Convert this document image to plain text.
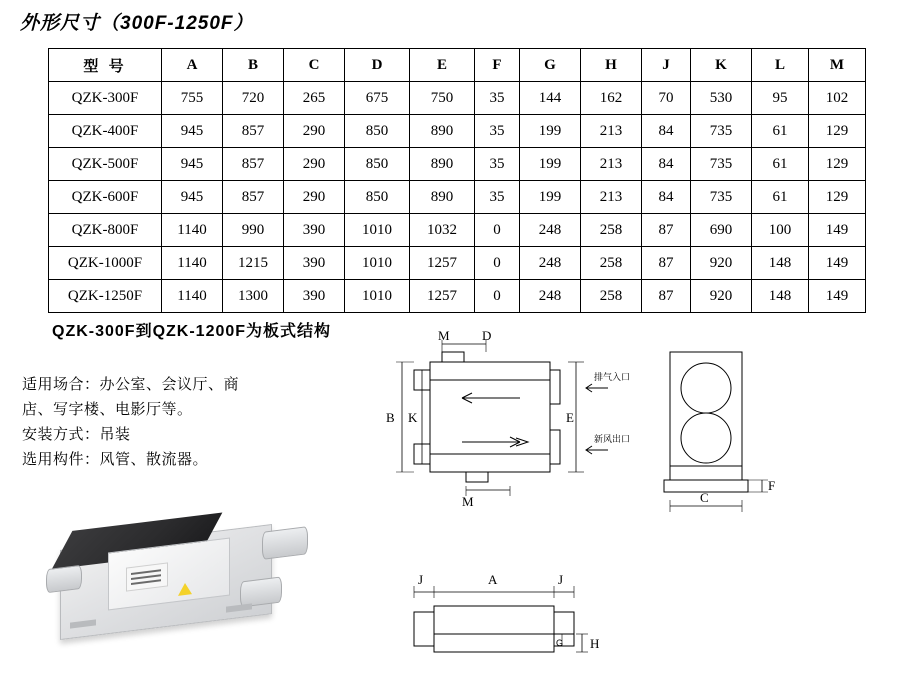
外形尺寸（300F-1250F）
型 号	A	B	C	D	E	F	G	H	J	K	L	M
QZK-300F	755	720	265	675	750	35	144	162	70	530	95	102
QZK-400F	945	857	290	850	890	35	199	213	84	735	61	129
QZK-500F	945	857	290	850	890	35	199	213	84	735	61	129
QZK-600F	945	857	290	850	890	35	199	213	84	735	61	129
QZK-800F	1140	990	390	1010	1032	0	248	258	87	690	100	149
QZK-1000F	1140	1215	390	1010	1257	0	248	258	87	920	148	149
QZK-1250F	1140	1300	390	1010	1257	0	248	258	87	920	148	149
QZK-300F到QZK-1200F为板式结构
适用场合：办公室、会议厅、商
店、写字楼、电影厅等。
安装方式：吊装
选用构件：风管、散流器。
M D
K
B	E
M
排气入口
新风出口
C
F
J	A	J
G H
